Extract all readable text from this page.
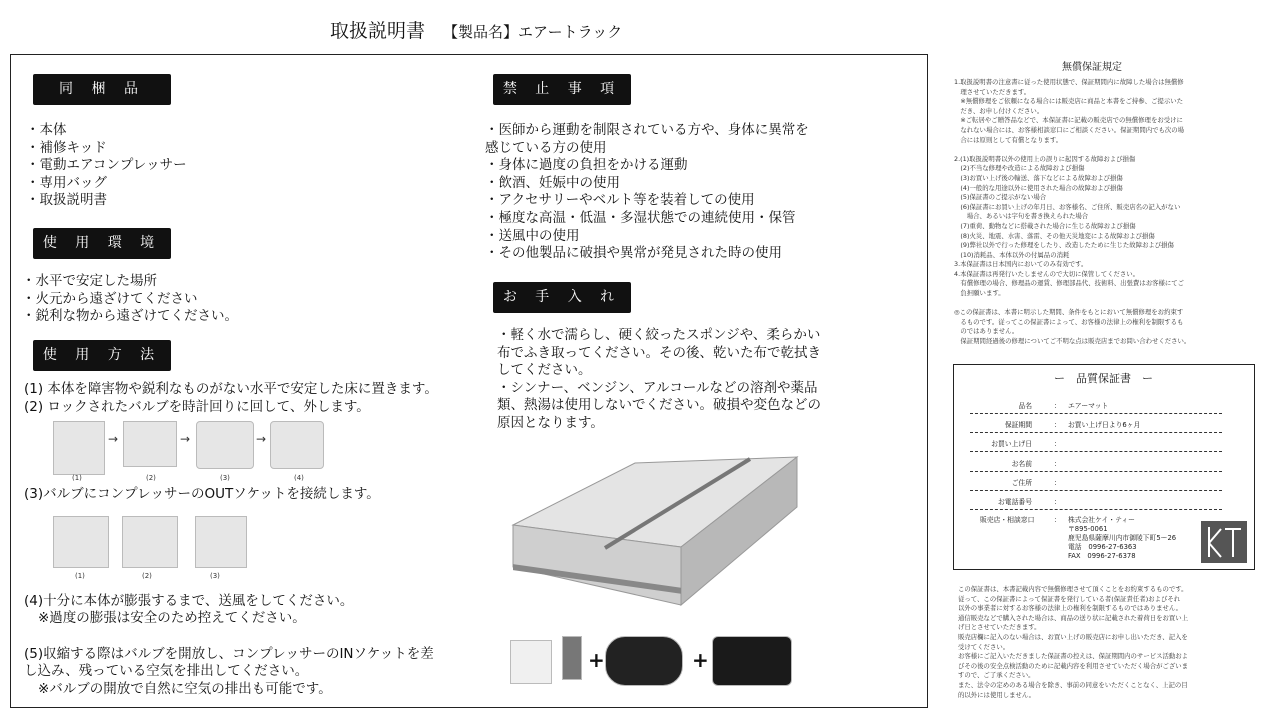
取扱説明書 【製品名】エアートラック
同 梱 品
・本体
・補修キッド
・電動エアコンプレッサー
・専用バッグ
・取扱説明書
使 用 環 境
・水平で安定した場所
・火元から遠ざけてください
・鋭利な物から遠ざけてください。
使 用 方 法
(1) 本体を障害物や鋭利なものがない水平で安定した床に置きます。
(2) ロックされたバルブを時計回りに回して、外します。
→	→	→
(1)	(2)	(3)	(4)
(3)バルブにコンプレッサーのOUTソケットを接続します。
(1)	(2)	(3)
(4)十分に本体が膨張するまで、送風をしてください。
※過度の膨張は安全のため控えてください。
(5)収縮する際はバルブを開放し、コンプレッサーのINソケットを差
し込み、残っている空気を排出してください。
※バルブの開放で自然に空気の排出も可能です。
禁 止 事 項
・医師から運動を制限されている方や、身体に異常を
感じている方の使用
・身体に過度の負担をかける運動
・飲酒、妊娠中の使用
・アクセサリーやベルト等を装着しての使用
・極度な高温・低温・多湿状態での連続使用・保管
・送風中の使用
・その他製品に破損や異常が発見された時の使用
お 手 入 れ
・軽く水で濡らし、硬く絞ったスポンジや、柔らかい
布でふき取ってください。その後、乾いた布で乾拭き
してください。
・シンナー、ベンジン、アルコールなどの溶剤や薬品
類、熱湯は使用しないでください。破損や変色などの
原因となります。
+	+
無償保証規定
1.取扱説明書の注意書に従った使用状態で、保証期間内に故障した場合は無償修
　理させていただきます。
　※無償修理をご依頼になる場合には販売店に商品と本書をご持参、ご提示いた
　だき、お申し付けください。
　※ご転居やご贈答品などで、本保証書に記載の販売店での無償修理をお受けに
　なれない場合には、お客様相談窓口にご相談ください。保証期間内でも次の場
　合には原則として有償となります。

2.(1)取扱説明書以外の使用上の誤りに起因する故障および損傷
　(2)不当な修理や改造による故障および損傷
　(3)お買い上げ後の輸送、落下などによる故障および損傷
　(4)一般的な用途以外に使用された場合の故障および損傷
　(5)保証書のご提示がない場合
　(6)保証書にお買い上げの年月日、お客様名、ご住所、販売店名の記入がない
　　場合、あるいは字句を書き換えられた場合
　(7)重荷、動物などに搭載された場合に生じる故障および損傷
　(8)火災、地震、水害、落雷、その他天災地変による故障および損傷
　(9)弊社以外で行った修理をしたり、改造したために生じた故障および損傷
　(10)消耗品、本体以外の付属品の消耗
3.本保証書は日本国内においてのみ有効です。
4.本保証書は再発行いたしませんので大切に保管してください。
　有償修理の場合、修理品の運賃、修理部品代、技術料、出張費はお客様にてご
　負担願います。

◎この保証書は、本書に明示した期間、条件をもとにおいて無償修理をお約束す
　るものです。従ってこの保証書によって、お客様の法律上の権利を制限するも
　のではありません。
　保証期間経過後の修理についてご不明な点は販売店までお問い合わせください。
ー　品質保証書　ー
品名	： エアーマット
保証期間	： お買い上げ日より6ヶ月
お買い上げ日	：
お名前	：
ご住所	：
お電話番号	：
販売店・相談窓口	： 株式会社ケイ・ティー
〒895-0061
鹿児島県薩摩川内市御陵下町5ー26
電話　0996-27-6363
FAX　0996-27-6378
この保証書は、本書記載内容で無償修理させて頂くことをお約束するものです。
従って、この保証書によって保証書を発行している者(保証責任者)およびそれ
以外の事業者に対するお客様の法律上の権利を制限するものではありません。
通信販売などで購入された場合は、商品の送り状に記載された着荷日をお買い上
げ日とさせていただきます。
販売店欄に記入のない場合は、お買い上げの販売店にお申し出いただき、記入を
受けてください。
お客様にご記入いただきました保証書の控えは、保証期間内のサービス活動およ
びその後の安全点検活動のために記載内容を利用させていただく場合がございま
すので、ご了承ください。
また、法令の定めのある場合を除き、事前の同意をいただくことなく、上記の目
的以外には使用しません。
